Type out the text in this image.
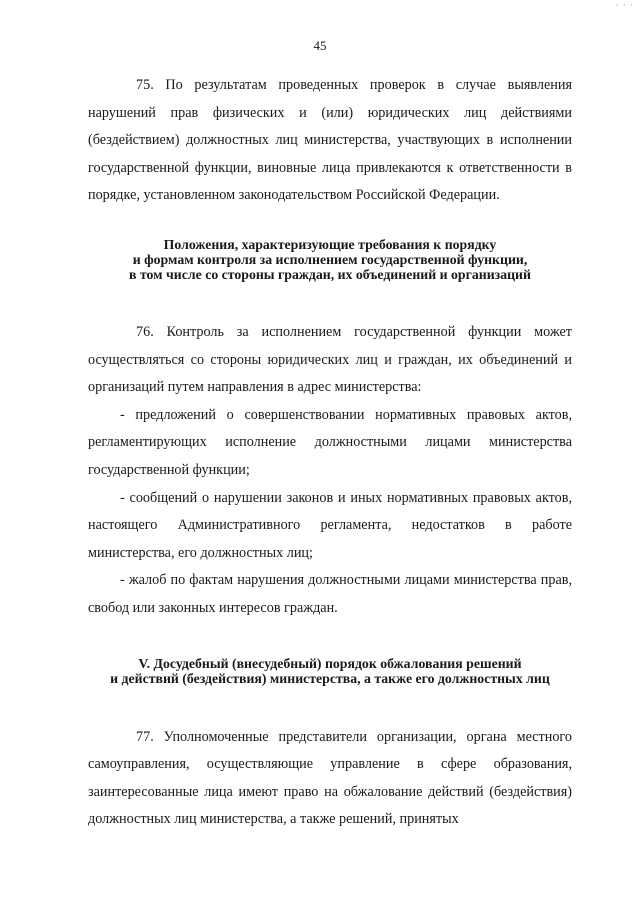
· · ·
45

75. По результатам проведенных проверок в случае выявления нарушений прав физических и (или) юридических лиц действиями (бездействием) должностных лиц министерства, участвующих в исполнении государственной функции, виновные лица привлекаются к ответственности в порядке, установленном законодательством Российской Федерации.

Положения, характеризующие требования к порядку
и формам контроля за исполнением государственной функции,
в том числе со стороны граждан, их объединений и организаций

76. Контроль за исполнением государственной функции может осуществляться со стороны юридических лиц и граждан, их объединений и организаций путем направления в адрес министерства:

- предложений о совершенствовании нормативных правовых актов, регламентирующих исполнение должностными лицами министерства государственной функции;

- сообщений о нарушении законов и иных нормативных правовых актов, настоящего Административного регламента, недостатков в работе министерства, его должностных лиц;

- жалоб по фактам нарушения должностными лицами министерства прав, свобод или законных интересов граждан.

V. Досудебный (внесудебный) порядок обжалования решений
и действий (бездействия) министерства, а также его должностных лиц

77. Уполномоченные представители организации, органа местного самоуправления, осуществляющие управление в сфере образования, заинтересованные лица имеют право на обжалование действий (бездействия) должностных лиц министерства, а также решений, принятых
